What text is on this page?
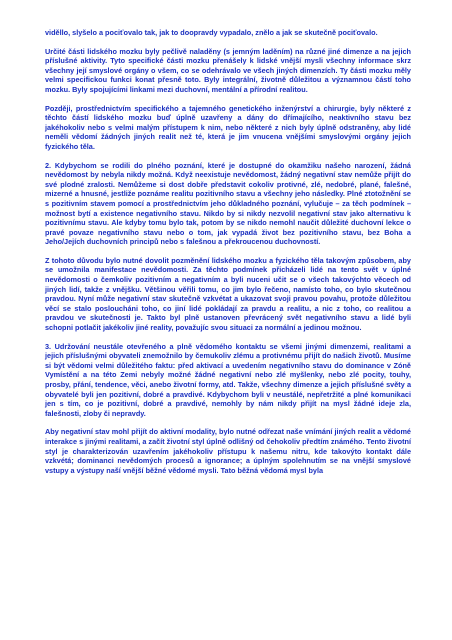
viděllo, slyšelo a pociťovalo tak, jak to doopravdy vypadalo, znělo a jak se skutečně pociťovalo.

Určité části lidského mozku byly pečlivě naladěny (s jemným laděním) na různé jiné dimenze a na jejich příslušné aktivity. Tyto specifické části mozku přenášely k lidské vnější mysli všechny informace skrz všechny její smyslové orgány o všem, co se odehrávalo ve všech jiných dimenzích. Ty části mozku měly velmi specifickou funkci konat přesně toto. Byly integrální, životně důležitou a významnou částí toho mozku. Byly spojujícími linkami mezi duchovní, mentální a přírodní realitou.

Později, prostřednictvím specifického a tajemného genetického inženýrství a chirurgie, byly některé z těchto částí lidského mozku buď úplně uzavřeny a dány do dřímajícího, neaktivního stavu bez jakéhokoliv nebo s velmi malým přístupem k nim, nebo některé z nich byly úplně odstraněny, aby lidé neměli vědomí žádných jiných realit než té, která je jim vnucena vnějšími smyslovými orgány jejich fyzického těla.

2. Kdybychom se rodili do plného poznání, které je dostupné do okamžiku našeho narození, žádná nevědomost by nebyla nikdy možná. Když neexistuje nevědomost, žádný negativní stav nemůže přijít do své plodné zralosti. Nemůžeme si dost dobře představit cokoliv protivné, zlé, nedobré, plané, falešné, mizerné a hnusné, jestliže poznáme realitu pozitivního stavu a všechny jeho následky. Plné ztotožnění se s pozitivním stavem pomocí a prostřednictvím jeho důkladného poznání, vylučuje – za těch podmínek – možnost bytí a existence negativního stavu. Nikdo by si nikdy nezvolil negativní stav jako alternativu k pozitivnímu stavu. Ale kdyby tomu bylo tak, potom by se nikdo nemohl naučit důležité duchovní lekce o pravé povaze negativního stavu nebo o tom, jak vypadá život bez pozitivního stavu, bez Boha a Jeho/Jejích duchovních principů nebo s falešnou a překroucenou duchovností.

Z tohoto důvodu bylo nutné dovolit pozměnění lidského mozku a fyzického těla takovým způsobem, aby se umožnila manifestace nevědomosti. Za těchto podmínek přicházeli lidé na tento svět v úplné nevědomosti o čemkoliv pozitivním a negativním a byli nuceni učit se o všech takovýchto věcech od jiných lidí, takže z vnějšku. Většinou věřili tomu, co jim bylo řečeno, namísto toho, co bylo skutečnou pravdou. Nyní může negativní stav skutečně vzkvétat a ukazovat svoji pravou povahu, protože důležitou věcí se stalo posloucháni toho, co jiní lidé pokládají za pravdu a realitu, a nic z toho, co realitou a pravdou ve skutečnosti je. Takto byl plně ustanoven převrácený svět negativního stavu a lidé byli schopni potlačit jakékoliv jiné reality, považujíc svou situaci za normální a jedinou možnou.

3. Udržování neustále otevřeného a plně vědomého kontaktu se všemi jinými dimenzemi, realitami a jejich příslušnými obyvateli znemožnilo by čemukoliv zlému a protivnému přijít do našich životů. Musíme si být vědomi velmi důležitého faktu: před aktivací a uvedením negativního stavu do dominance v Zóně Vymístění a na této Zemi nebyly možné žádné negativní nebo zlé myšlenky, nebo zlé pocity, touhy, prosby, přání, tendence, věci, anebo životní formy, atd. Takže, všechny dimenze a jejich příslušné světy a obyvatelé byli jen pozitivní, dobré a pravdivé. Kdybychom byli v neustálé, nepřetržité a plné komunikaci jen s tím, co je pozitivní, dobré a pravdivé, nemohly by nám nikdy přijít na mysl žádné ideje zla, falešnosti, zloby či nepravdy.

Aby negativní stav mohl přijít do aktivní modality, bylo nutné odřezat naše vnímání jiných realit a vědomé interakce s jinými realitami, a začít životní styl úplně odlišný od čehokoliv předtím známého. Tento životní styl je charakterizován uzavřením jakéhokoliv přístupu k našemu nitru, kde takovýto kontakt dále vzkvétá; dominanci nevědomých procesů a ignorance; a úplným spolehnutím se na vnější smyslové vstupy a výstupy naší vnější běžné vědomé mysli. Tato běžná vědomá mysl byla
